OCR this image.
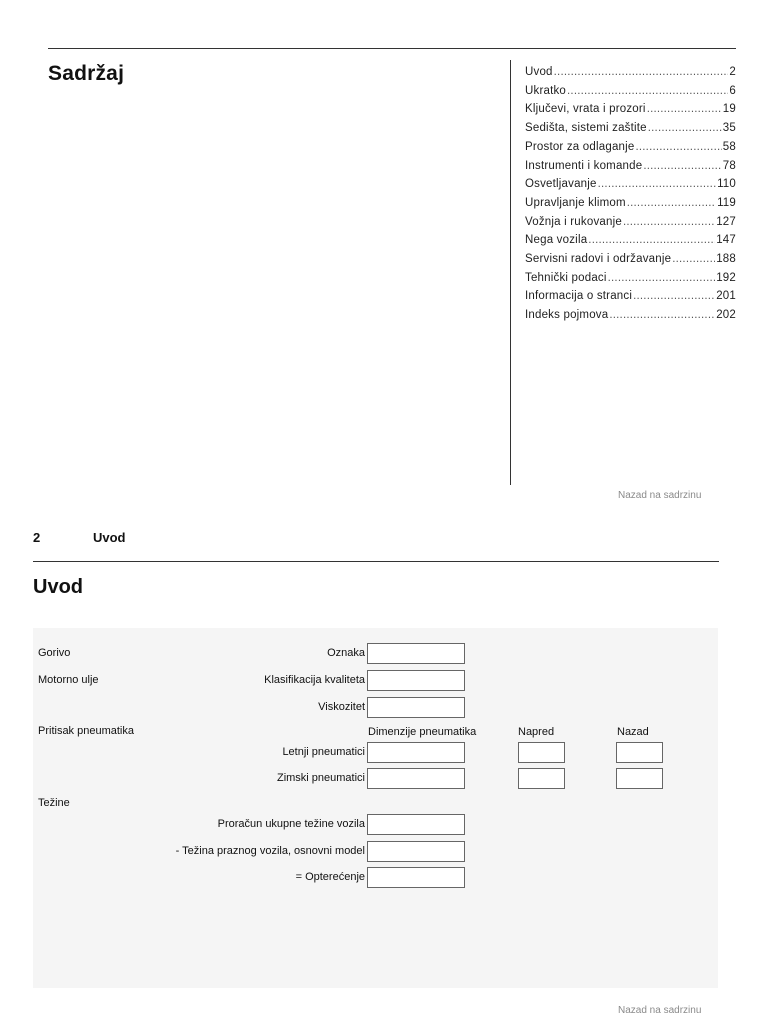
Sadržaj	Uvod .....	2
Ukratko .....	6
Ključevi, vrata i prozori .....	19
Sedišta, sistemi zaštite .....	35
Prostor za odlaganje .....	58
Instrumenti i komande .....	78
Osvetljavanje .....	110
Upravljanje klimom .....	119
Vožnja i rukovanje .....	127
Nega vozila .....	147
Servisni radovi i održavanje .....	188
Tehnički podaci .....	192
Informacija o stranci .....	201
Indeks pojmova .....	202
Nazad na sadrzinu
2	Uvod
Uvod
Gorivo	Oznaka
Motorno ulje	Klasifikacija kvaliteta
Viskozitet
Pritisak pneumatika	Dimenzije pneumatika	Napred	Nazad
Letnji pneumatici
Zimski pneumatici
Težine
Proračun ukupne težine vozila
- Težina praznog vozila, osnovni model
= Opterećenje
Nazad na sadrzinu
